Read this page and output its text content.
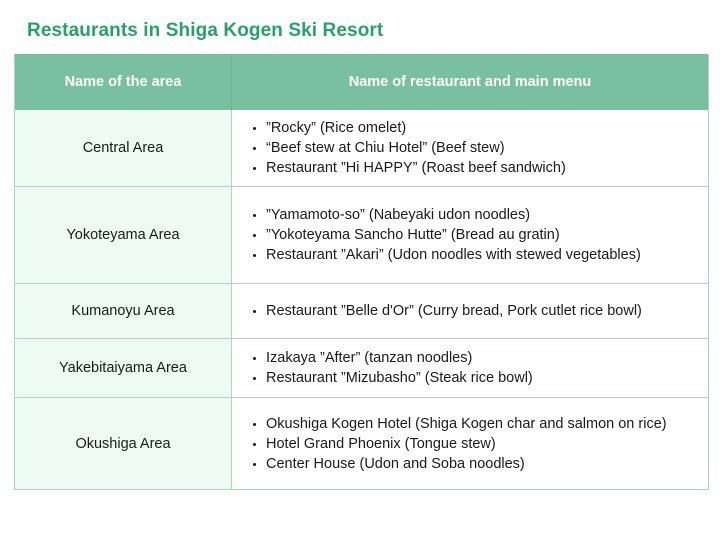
Restaurants in Shiga Kogen Ski Resort
Name of the area	Name of restaurant and main menu
Central Area
”Rocky” (Rice omelet)
“Beef stew at Chiu Hotel” (Beef stew)
Restaurant ”Hi HAPPY” (Roast beef sandwich)
Yokoteyama Area
”Yamamoto-so” (Nabeyaki udon noodles)
”Yokoteyama Sancho Hutte” (Bread au gratin)
Restaurant ”Akari” (Udon noodles with stewed vegetables)
Kumanoyu Area	Restaurant ”Belle d'Or” (Curry bread, Pork cutlet rice bowl)
Yakebitaiyama Area
Izakaya ”After” (tanzan noodles)
Restaurant ”Mizubasho” (Steak rice bowl)
Okushiga Area
Okushiga Kogen Hotel (Shiga Kogen char and salmon on rice)
Hotel Grand Phoenix (Tongue stew)
Center House (Udon and Soba noodles)
